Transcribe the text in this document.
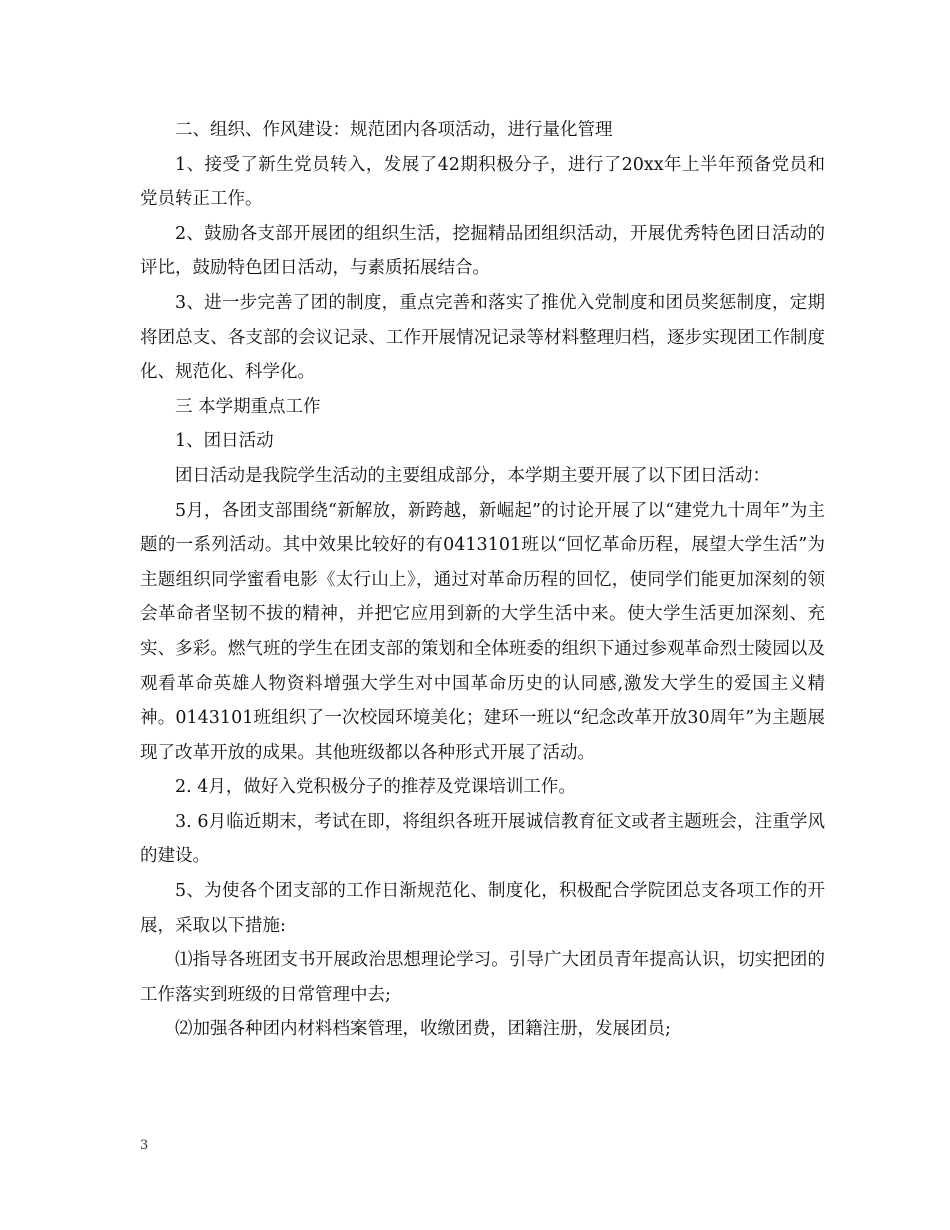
二、组织、作风建设：规范团内各项活动，进行量化管理

1、接受了新生党员转入，发展了42期积极分子，进行了20xx年上半年预备党员和党员转正工作。

2、鼓励各支部开展团的组织生活，挖掘精品团组织活动，开展优秀特色团日活动的评比，鼓励特色团日活动，与素质拓展结合。

3、进一步完善了团的制度，重点完善和落实了推优入党制度和团员奖惩制度，定期将团总支、各支部的会议记录、工作开展情况记录等材料整理归档，逐步实现团工作制度化、规范化、科学化。

三 本学期重点工作

1、团日活动

团日活动是我院学生活动的主要组成部分，本学期主要开展了以下团日活动：

5月，各团支部围绕“新解放，新跨越，新崛起”的讨论开展了以“建党九十周年”为主题的一系列活动。其中效果比较好的有0413101班以“回忆革命历程，展望大学生活”为主题组织同学蜜看电影《太行山上》，通过对革命历程的回忆，使同学们能更加深刻的领会革命者坚韧不拔的精神，并把它应用到新的大学生活中来。使大学生活更加深刻、充实、多彩。燃气班的学生在团支部的策划和全体班委的组织下通过参观革命烈士陵园以及观看革命英雄人物资料增强大学生对中国革命历史的认同感,激发大学生的爱国主义精神。0143101班组织了一次校园环境美化；建环一班以“纪念改革开放30周年”为主题展现了改革开放的成果。其他班级都以各种形式开展了活动。

2. 4月，做好入党积极分子的推荐及党课培训工作。

3. 6月临近期末，考试在即，将组织各班开展诚信教育征文或者主题班会，注重学风的建设。

5、为使各个团支部的工作日渐规范化、制度化，积极配合学院团总支各项工作的开展，采取以下措施:

⑴指导各班团支书开展政治思想理论学习。引导广大团员青年提高认识，切实把团的工作落实到班级的日常管理中去;

⑵加强各种团内材料档案管理，收缴团费，团籍注册，发展团员;

3
